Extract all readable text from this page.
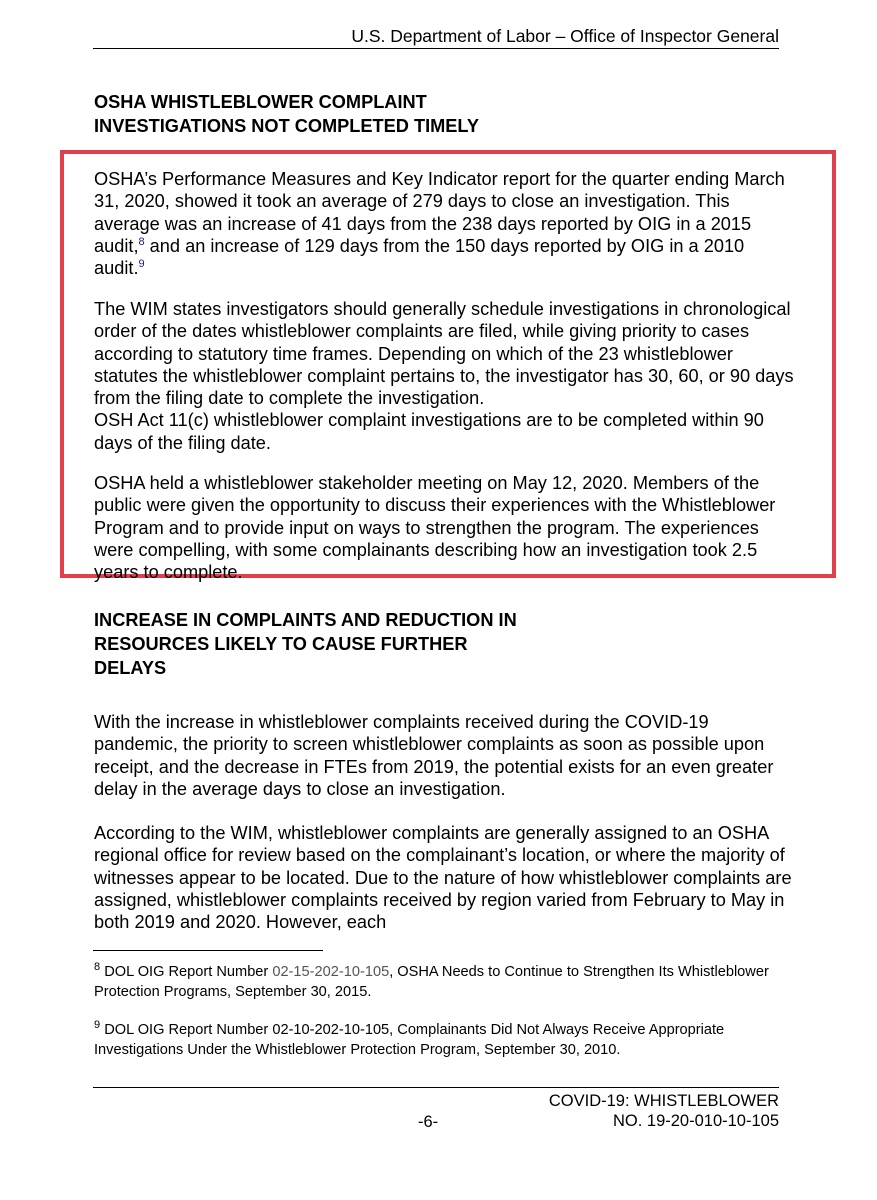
U.S. Department of Labor – Office of Inspector General
OSHA WHISTLEBLOWER COMPLAINT
INVESTIGATIONS NOT COMPLETED TIMELY

OSHA’s Performance Measures and Key Indicator report for the quarter ending March 31, 2020, showed it took an average of 279 days to close an investigation. This average was an increase of 41 days from the 238 days reported by OIG in a 2015 audit,$^8$ and an increase of 129 days from the 150 days reported by OIG in a 2010 audit.$^9$

The WIM states investigators should generally schedule investigations in chronological order of the dates whistleblower complaints are filed, while giving priority to cases according to statutory time frames. Depending on which of the 23 whistleblower statutes the whistleblower complaint pertains to, the investigator has 30, 60, or 90 days from the filing date to complete the investigation.
OSH Act 11(c) whistleblower complaint investigations are to be completed within 90 days of the filing date.

OSHA held a whistleblower stakeholder meeting on May 12, 2020. Members of the public were given the opportunity to discuss their experiences with the Whistleblower Program and to provide input on ways to strengthen the program. The experiences were compelling, with some complainants describing how an investigation took 2.5 years to complete.

INCREASE IN COMPLAINTS AND REDUCTION IN
RESOURCES LIKELY TO CAUSE FURTHER
DELAYS

With the increase in whistleblower complaints received during the COVID-19 pandemic, the priority to screen whistleblower complaints as soon as possible upon receipt, and the decrease in FTEs from 2019, the potential exists for an even greater delay in the average days to close an investigation.

According to the WIM, whistleblower complaints are generally assigned to an OSHA regional office for review based on the complainant’s location, or where the majority of witnesses appear to be located. Due to the nature of how whistleblower complaints are assigned, whistleblower complaints received by region varied from February to May in both 2019 and 2020. However, each

$^8$ DOL OIG Report Number 02-15-202-10-105, OSHA Needs to Continue to Strengthen Its Whistleblower Protection Programs, September 30, 2015.

$^9$ DOL OIG Report Number 02-10-202-10-105, Complainants Did Not Always Receive Appropriate Investigations Under the Whistleblower Protection Program, September 30, 2010.

-6-
COVID-19: WHISTLEBLOWER
NO. 19-20-010-10-105
